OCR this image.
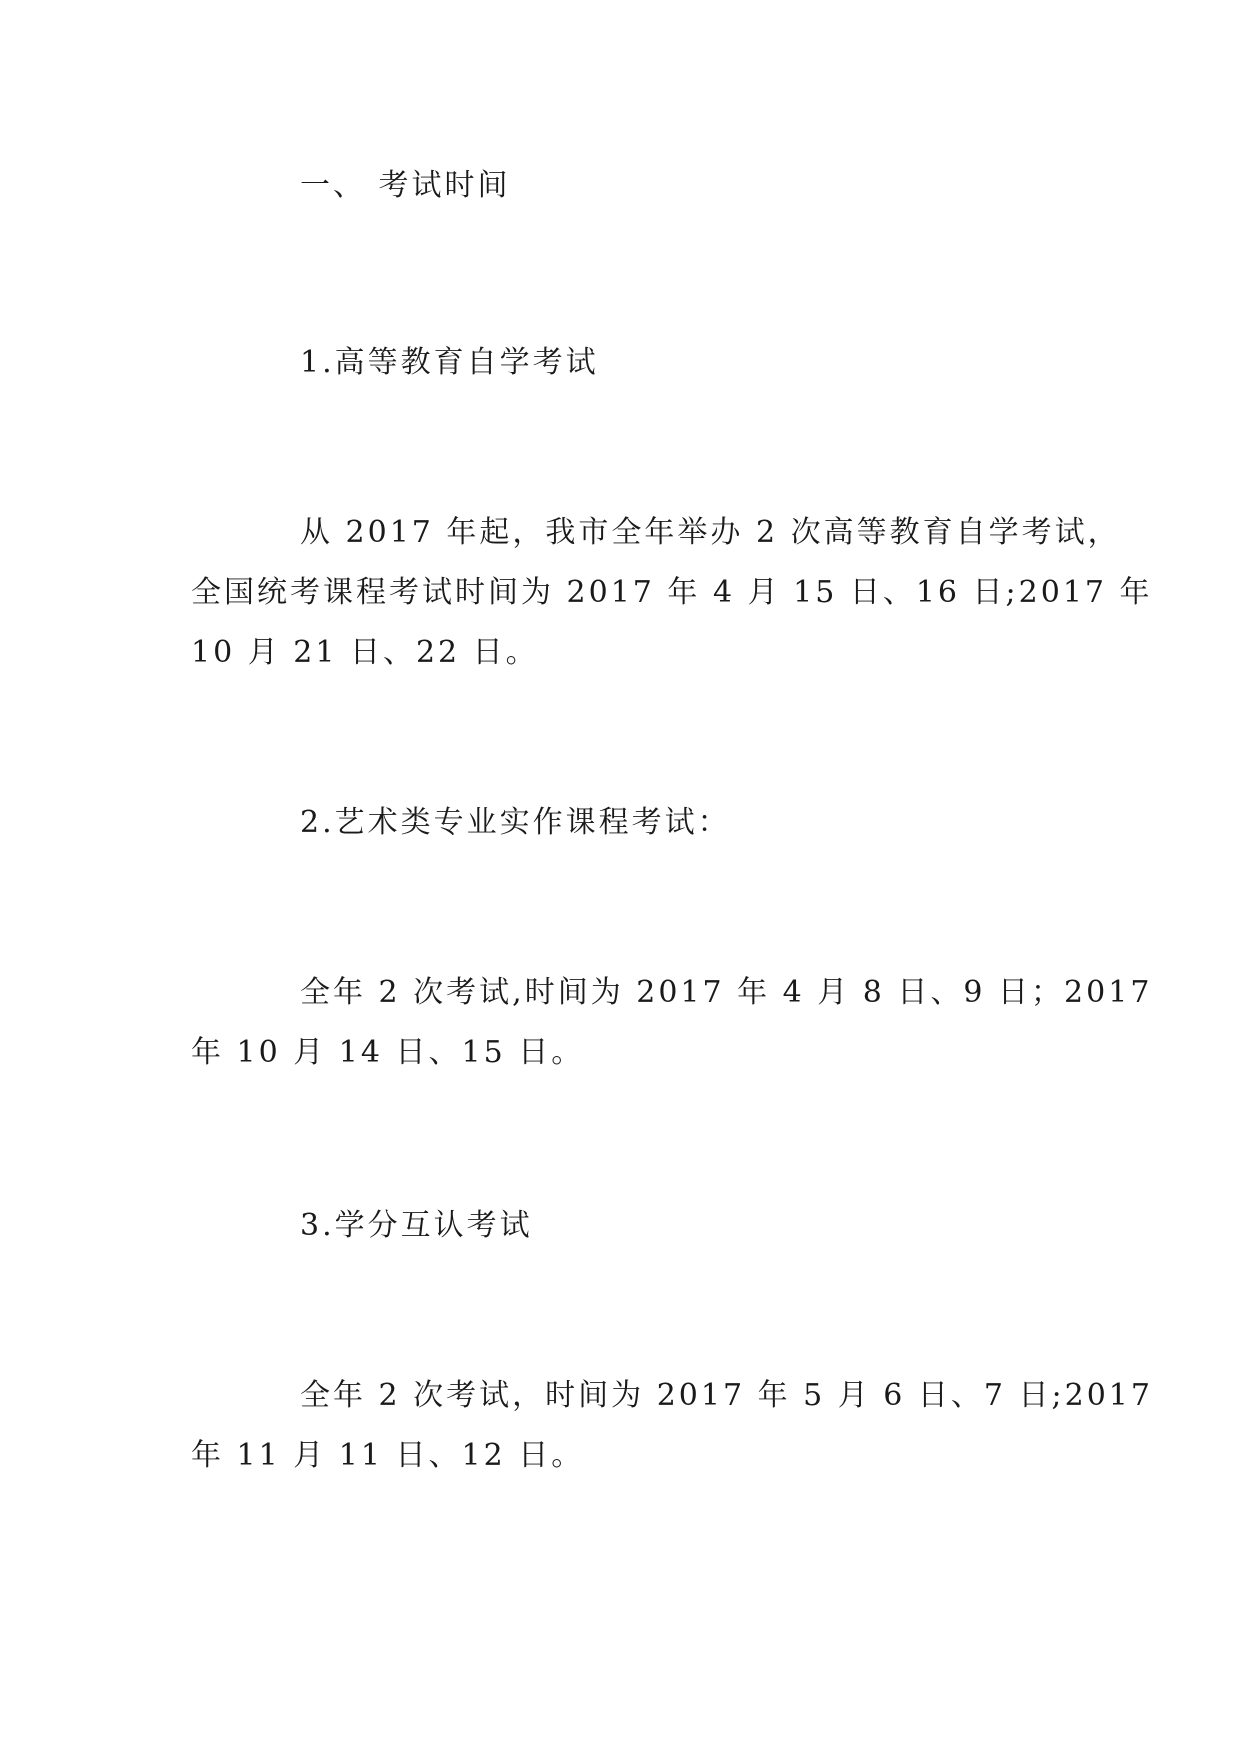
一、 考试时间

1.高等教育自学考试

从 2017 年起，我市全年举办 2 次高等教育自学考试，

全国统考课程考试时间为 2017 年 4 月 15 日、16 日;2017 年

10 月 21 日、22 日。

2.艺术类专业实作课程考试：

全年 2 次考试,时间为 2017 年 4 月 8 日、9 日；2017

年 10 月 14 日、15 日。

3.学分互认考试

全年 2 次考试，时间为 2017 年 5 月 6 日、7 日;2017

年 11 月 11 日、12 日。
